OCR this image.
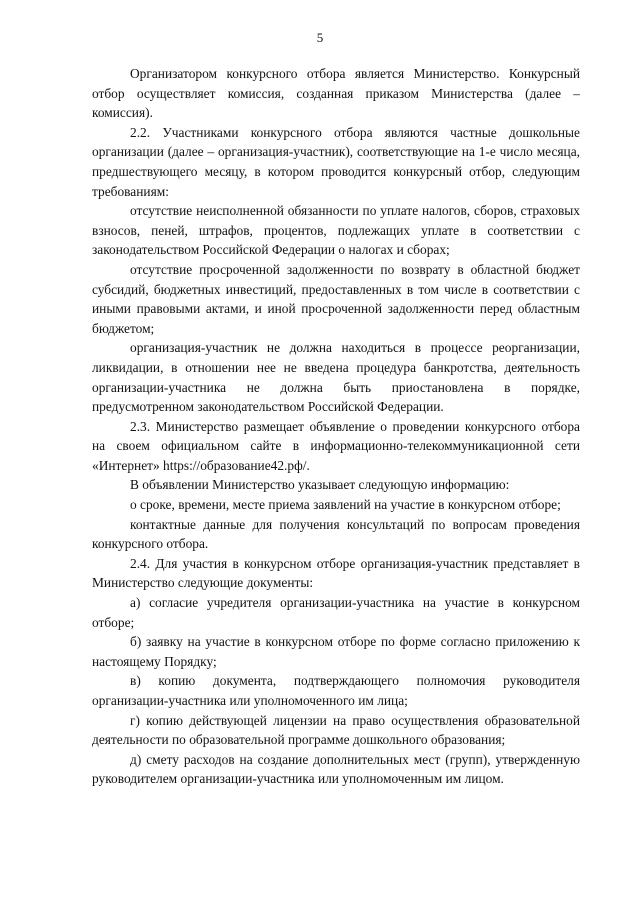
5

Организатором конкурсного отбора является Министерство. Конкурсный отбор осуществляет комиссия, созданная приказом Министерства (далее – комиссия).

2.2. Участниками конкурсного отбора являются частные дошкольные организации (далее – организация-участник), соответствующие на 1-е число месяца, предшествующего месяцу, в котором проводится конкурсный отбор, следующим требованиям:

отсутствие неисполненной обязанности по уплате налогов, сборов, страховых взносов, пеней, штрафов, процентов, подлежащих уплате в соответствии с законодательством Российской Федерации о налогах и сборах;

отсутствие просроченной задолженности по возврату в областной бюджет субсидий, бюджетных инвестиций, предоставленных в том числе в соответствии с иными правовыми актами, и иной просроченной задолженности перед областным бюджетом;

организация-участник не должна находиться в процессе реорганизации, ликвидации, в отношении нее не введена процедура банкротства, деятельность организации-участника не должна быть приостановлена в порядке, предусмотренном законодательством Российской Федерации.

2.3. Министерство размещает объявление о проведении конкурсного отбора на своем официальном сайте в информационно-телекоммуникационной сети «Интернет» https://образование42.рф/.

В объявлении Министерство указывает следующую информацию:

о сроке, времени, месте приема заявлений на участие в конкурсном отборе;

контактные данные для получения консультаций по вопросам проведения конкурсного отбора.

2.4. Для участия в конкурсном отборе организация-участник представляет в Министерство следующие документы:

а) согласие учредителя организации-участника на участие в конкурсном отборе;

б) заявку на участие в конкурсном отборе по форме согласно приложению к настоящему Порядку;

в) копию документа, подтверждающего полномочия руководителя организации-участника или уполномоченного им лица;

г) копию действующей лицензии на право осуществления образовательной деятельности по образовательной программе дошкольного образования;

д) смету расходов на создание дополнительных мест (групп), утвержденную руководителем организации-участника или уполномоченным им лицом.
